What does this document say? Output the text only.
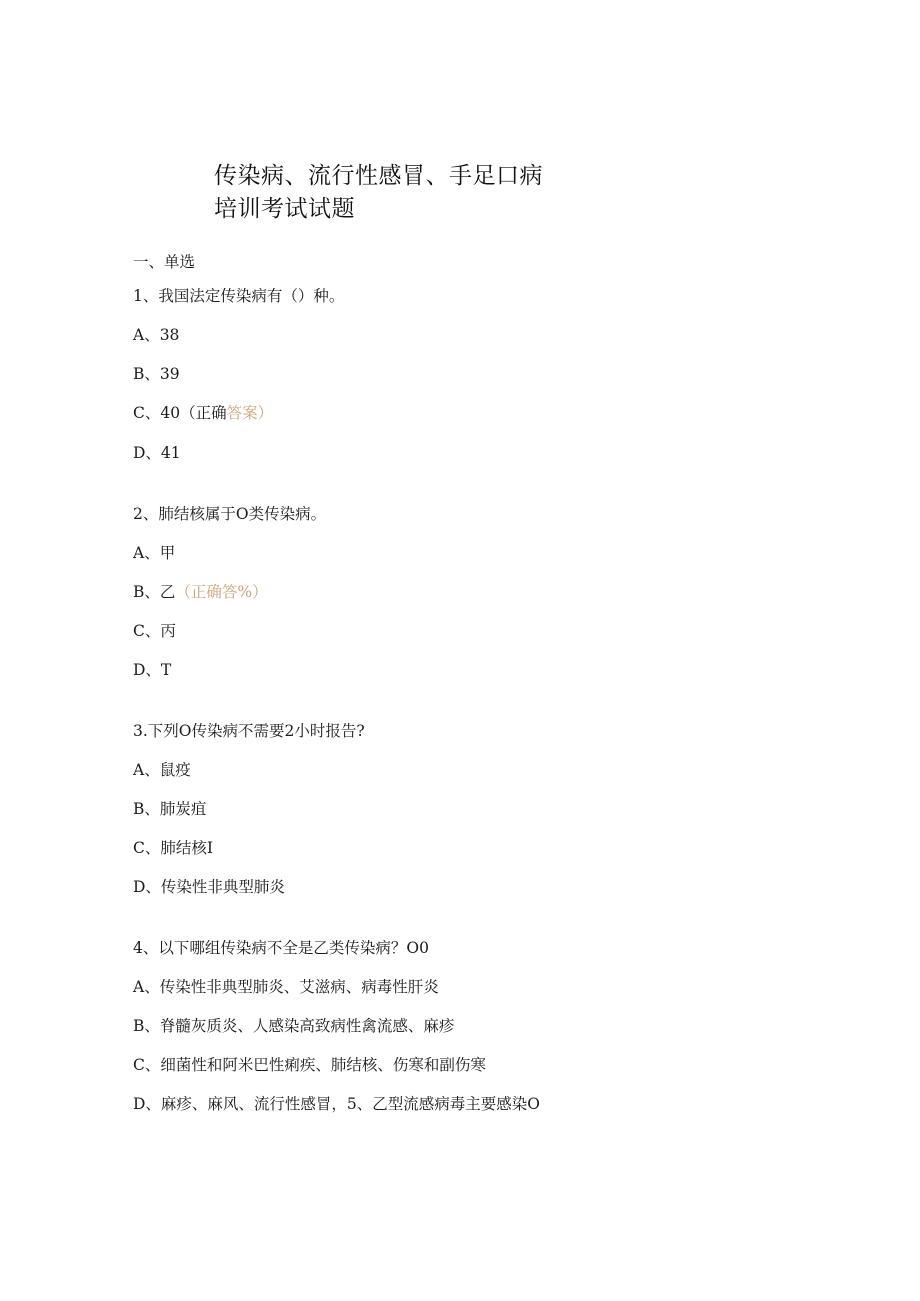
传染病、流行性感冒、手足口病
培训考试试题
一、单选
1、我国法定传染病有（）种。
A、38
B、39
C、40（正确答案）
D、41
2、肺结核属于O类传染病。
A、甲
B、乙（正确答%）
C、丙
D、T
3.下列O传染病不需要2小时报告?
A、鼠疫
B、肺炭疽
C、肺结核I
D、传染性非典型肺炎
4、以下哪组传染病不全是乙类传染病？O0
A、传染性非典型肺炎、艾滋病、病毒性肝炎
B、脊髓灰质炎、人感染高致病性禽流感、麻疹
C、细菌性和阿米巴性痢疾、肺结核、伤寒和副伤寒
D、麻疹、麻风、流行性感冒，5、乙型流感病毒主要感染O
